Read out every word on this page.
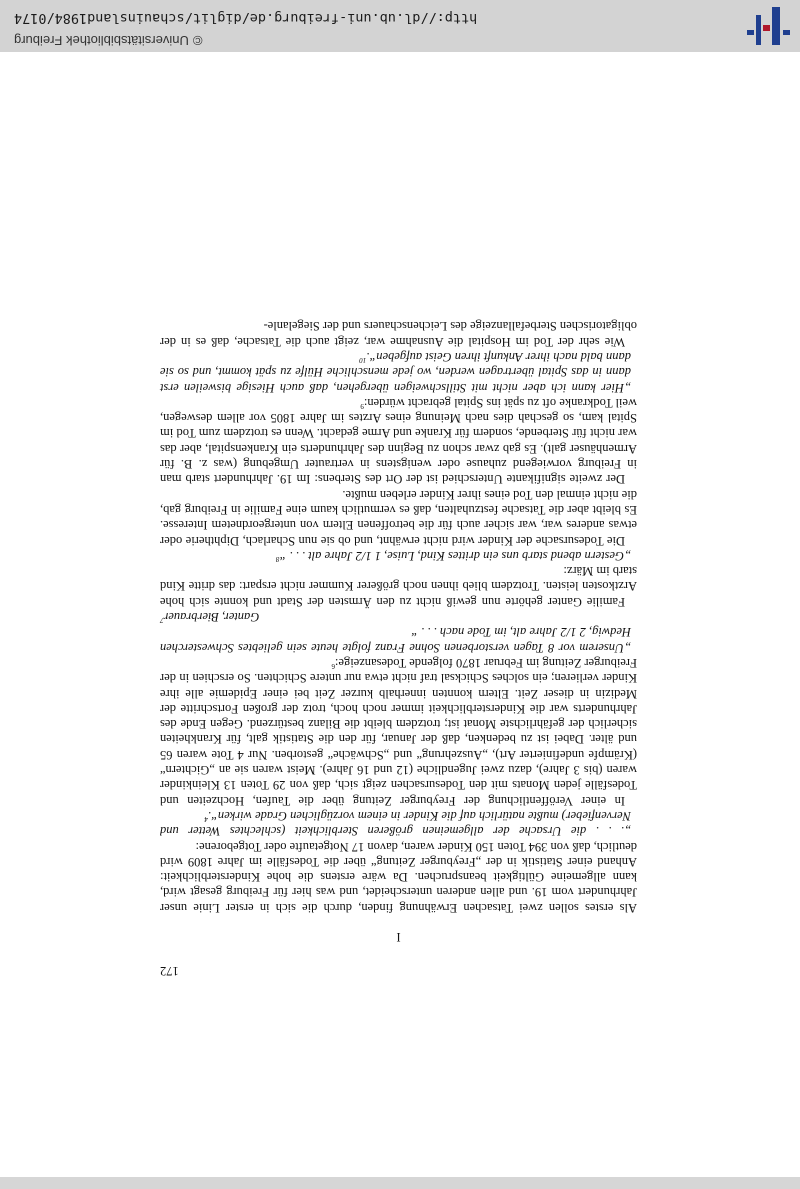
©
Universitätsbibliothek Freiburg
http://dl.ub.uni-freiburg.de/diglit/schauinsland1984/0174
172
I

Als erstes sollen zwei Tatsachen Erwähnung finden, durch die sich in erster Linie unser Jahrhundert vom 19. und allen anderen unterscheidet, und was hier für Freiburg gesagt wird, kann allgemeine Gültigkeit beanspruchen. Da wäre erstens die hohe Kindersterblichkeit: Anhand einer Statistik in der „Freyburger Zeitung“ über die Todesfälle im Jahre 1809 wird deutlich, daß von 394 Toten 150 Kinder waren, davon 17 Notgetaufte oder Totgeborene:

„. . . die Ursache der allgemeinen größeren Sterblichkeit (schlechtes Wetter und Nervenfieber) mußte natürlich auf die Kinder in einem vorzüglichen Grade wirken“.$^4$

In einer Veröffentlichung der Freyburger Zeitung über die Taufen, Hochzeiten und Todesfälle jeden Monats mit den Todesursachen zeigt sich, daß von 29 Toten 13 Kleinkinder waren (bis 3 Jahre), dazu zwei Jugendliche (12 und 16 Jahre). Meist waren sie an „Gichtern“ (Krämpfe undefinierter Art), „Auszehrung“ und „Schwäche“ gestorben. Nur 4 Tote waren 65 und älter. Dabei ist zu bedenken, daß der Januar, für den die Statistik galt, für Krankheiten sicherlich der gefährlichste Monat ist; trotzdem bleibt die Bilanz bestürzend. Gegen Ende des Jahrhunderts war die Kindersterblichkeit immer noch hoch, trotz der großen Fortschritte der Medizin in dieser Zeit. Eltern konnten innerhalb kurzer Zeit bei einer Epidemie alle ihre Kinder verlieren; ein solches Schicksal traf nicht etwa nur untere Schichten. So erschien in der Freiburger Zeitung im Februar 1870 folgende Todesanzeige:$^6$

„Unserem vor 8 Tagen verstorbenen Sohne Franz folgte heute sein geliebtes Schwesterchen Hedwig, 2 1/2 Jahre alt, im Tode nach . . . “

Ganter, Bierbrauer$^7$

Familie Ganter gehörte nun gewiß nicht zu den Ärmsten der Stadt und konnte sich hohe Arztkosten leisten. Trotzdem blieb ihnen noch größerer Kummer nicht erspart: das dritte Kind starb im März:

„Gestern abend starb uns ein drittes Kind, Luise, 1 1/2 Jahre alt . . . “$^8$

Die Todesursache der Kinder wird nicht erwähnt, und ob sie nun Scharlach, Diphtherie oder etwas anderes war, war sicher auch für die betroffenen Eltern von untergeordnetem Interesse. Es bleibt aber die Tatsache festzuhalten, daß es vermutlich kaum eine Familie in Freiburg gab, die nicht einmal den Tod eines ihrer Kinder erleben mußte.

Der zweite signifikante Unterschied ist der Ort des Sterbens: Im 19. Jahrhundert starb man in Freiburg vorwiegend zuhause oder wenigstens in vertrauter Umgebung (was z. B. für Armenhäuser galt). Es gab zwar schon zu Beginn des Jahrhunderts ein Krankenspital, aber das war nicht für Sterbende, sondern für Kranke und Arme gedacht. Wenn es trotzdem zum Tod im Spital kam, so geschah dies nach Meinung eines Arztes im Jahre 1805 vor allem deswegen, weil Todkranke oft zu spät ins Spital gebracht würden:$^9$

„Hier kann ich aber nicht mit Stillschweigen übergehen, daß auch Hiesige bisweilen erst dann in das Spital übertragen werden, wo jede menschliche Hülfe zu spät kommt, und so sie dann bald nach ihrer Ankunft ihren Geist aufgeben“.$^{10}$

Wie sehr der Tod im Hospital die Ausnahme war, zeigt auch die Tatsache, daß es in der obligatorischen Sterbefallanzeige des Leichenschauers und der Siegelanle-
